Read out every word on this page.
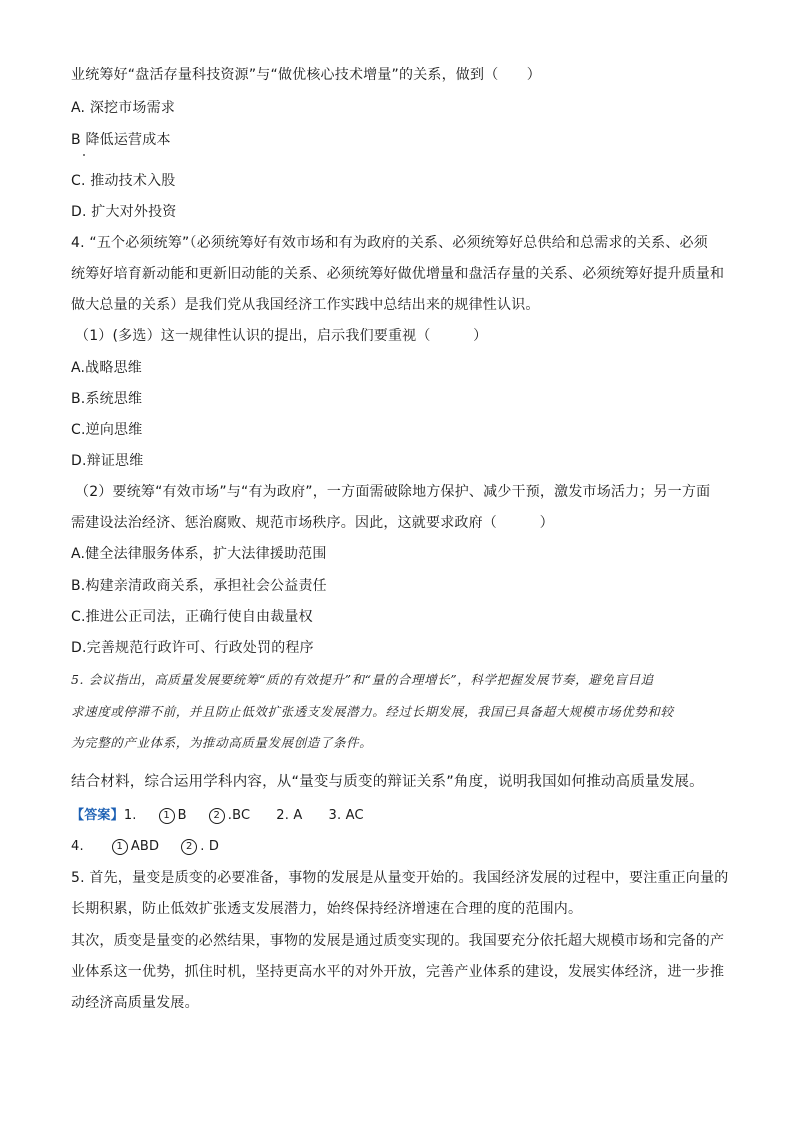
业统筹好“盘活存量科技资源”与“做优核心技术增量”的关系，做到（　　）
A. 深挖市场需求
B 降低运营成本
C. 推动技术入股
D. 扩大对外投资
4. “五个必须统筹”（必须统筹好有效市场和有为政府的关系、必须统筹好总供给和总需求的关系、必须
统筹好培育新动能和更新旧动能的关系、必须统筹好做优增量和盘活存量的关系、必须统筹好提升质量和
做大总量的关系）是我们党从我国经济工作实践中总结出来的规律性认识。
（1）(多选）这一规律性认识的提出，启示我们要重视（　　　）
A.战略思维
B.系统思维
C.逆向思维
D.辩证思维
（2）要统筹“有效市场”与“有为政府”，一方面需破除地方保护、减少干预，激发市场活力；另一方面
需建设法治经济、惩治腐败、规范市场秩序。因此，这就要求政府（　　　）
A.健全法律服务体系，扩大法律援助范围
B.构建亲清政商关系，承担社会公益责任
C.推进公正司法，正确行使自由裁量权
D.完善规范行政许可、行政处罚的程序
5. 会议指出，高质量发展要统筹“质的有效提升”和“量的合理增长”，科学把握发展节奏，避免盲目追
求速度或停滞不前，并且防止低效扩张透支发展潜力。经过长期发展，我国已具备超大规模市场优势和较
为完整的产业体系，为推动高质量发展创造了条件。
结合材料，综合运用学科内容，从“量变与质变的辩证关系”角度，说明我国如何推动高质量发展。
【答案】1.	1 B	2 .BC 2. A 3. AC
4.	1 ABD	2 . D
5. 首先，量变是质变的必要准备，事物的发展是从量变开始的。我国经济发展的过程中，要注重正向量的
长期积累，防止低效扩张透支发展潜力，始终保持经济增速在合理的度的范围内。
其次，质变是量变的必然结果，事物的发展是通过质变实现的。我国要充分依托超大规模市场和完备的产
业体系这一优势，抓住时机，坚持更高水平的对外开放，完善产业体系的建设，发展实体经济，进一步推
动经济高质量发展。
